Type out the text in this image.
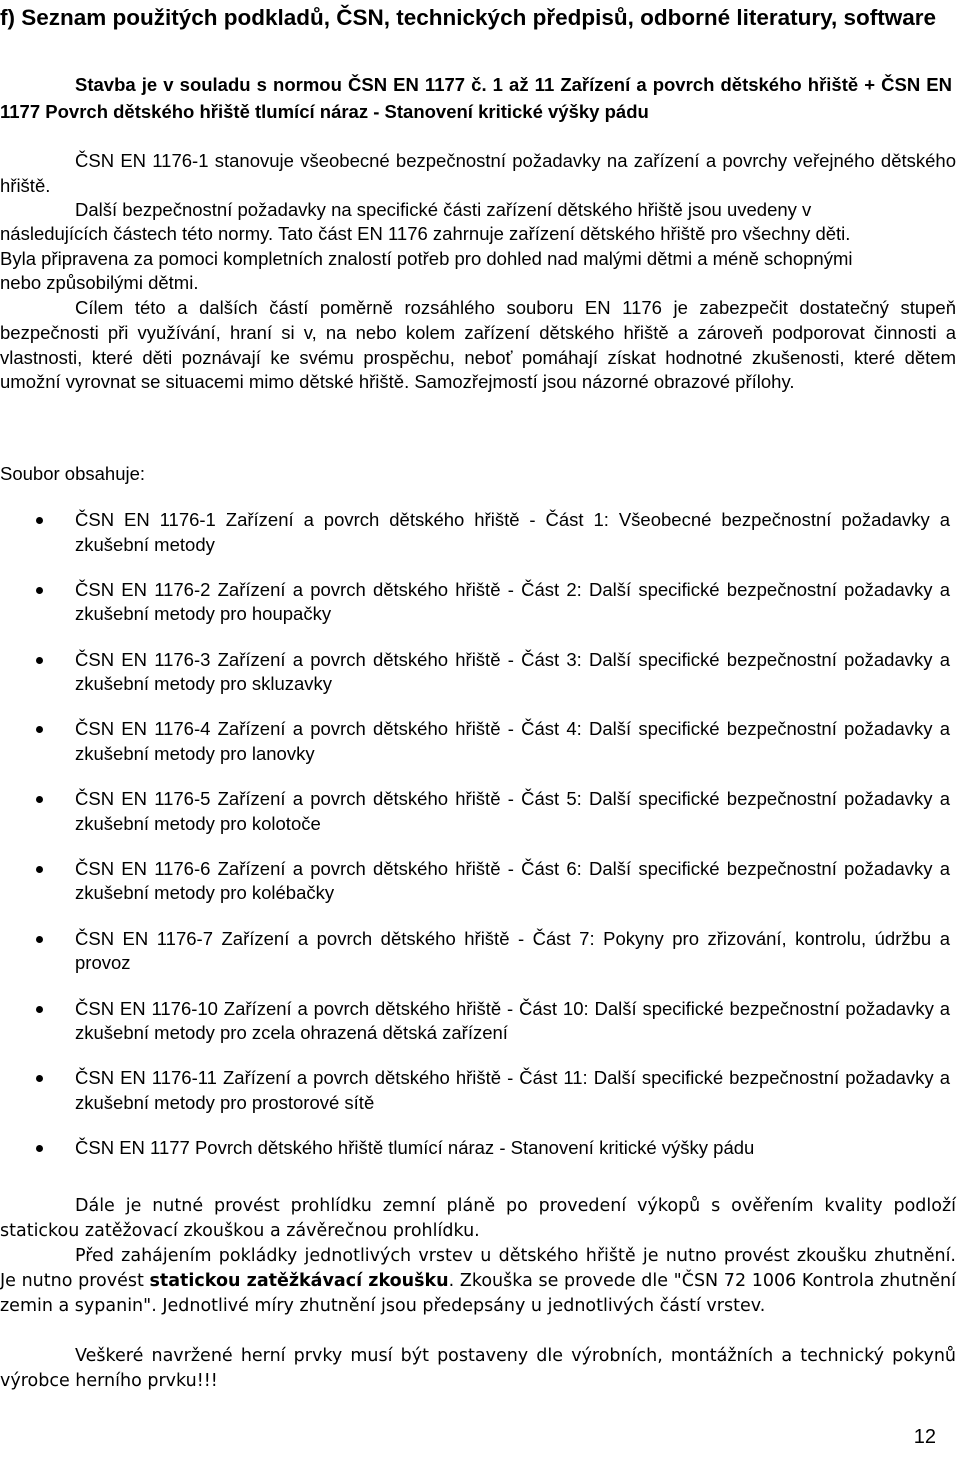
f) Seznam použitých podkladů, ČSN, technických předpisů, odborné literatury, software

Stavba je v souladu s normou ČSN EN 1177 č. 1 až 11 Zařízení a povrch dětského hřiště + ČSN EN 1177 Povrch dětského hřiště tlumící náraz - Stanovení kritické výšky pádu

ČSN EN 1176-1 stanovuje všeobecné bezpečnostní požadavky na zařízení a povrchy veřejného dětského hřiště.

Další bezpečnostní požadavky na specifické části zařízení dětského hřiště jsou uvedeny v
následujících částech této normy. Tato část EN 1176 zahrnuje zařízení dětského hřiště pro všechny děti.
Byla připravena za pomoci kompletních znalostí potřeb pro dohled nad malými dětmi a méně schopnými
nebo způsobilými dětmi.

Cílem této a dalších částí poměrně rozsáhlého souboru EN 1176 je zabezpečit dostatečný stupeň bezpečnosti při využívání, hraní si v, na nebo kolem zařízení dětského hřiště a zároveň podporovat činnosti a vlastnosti, které děti poznávají ke svému prospěchu, neboť pomáhají získat hodnotné zkušenosti, které dětem umožní vyrovnat se situacemi mimo dětské hřiště. Samozřejmostí jsou názorné obrazové přílohy.

Soubor obsahuje:
ČSN EN 1176-1 Zařízení a povrch dětského hřiště - Část 1: Všeobecné bezpečnostní požadavky a zkušební metody
ČSN EN 1176-2 Zařízení a povrch dětského hřiště - Část 2: Další specifické bezpečnostní požadavky a zkušební metody pro houpačky
ČSN EN 1176-3 Zařízení a povrch dětského hřiště - Část 3: Další specifické bezpečnostní požadavky a zkušební metody pro skluzavky
ČSN EN 1176-4 Zařízení a povrch dětského hřiště - Část 4: Další specifické bezpečnostní požadavky a zkušební metody pro lanovky
ČSN EN 1176-5 Zařízení a povrch dětského hřiště - Část 5: Další specifické bezpečnostní požadavky a zkušební metody pro kolotoče
ČSN EN 1176-6 Zařízení a povrch dětského hřiště - Část 6: Další specifické bezpečnostní požadavky a zkušební metody pro kolébačky
ČSN EN 1176-7 Zařízení a povrch dětského hřiště - Část 7: Pokyny pro zřizování, kontrolu, údržbu a provoz
ČSN EN 1176-10 Zařízení a povrch dětského hřiště - Část 10: Další specifické bezpečnostní požadavky a zkušební metody pro zcela ohrazená dětská zařízení
ČSN EN 1176-11 Zařízení a povrch dětského hřiště - Část 11: Další specifické bezpečnostní požadavky a zkušební metody pro prostorové sítě
ČSN EN 1177 Povrch dětského hřiště tlumící náraz - Stanovení kritické výšky pádu

Dále je nutné provést prohlídku zemní pláně po provedení výkopů s ověřením kvality podloží statickou zatěžovací zkouškou a závěrečnou prohlídku.

Před zahájením pokládky jednotlivých vrstev u dětského hřiště je nutno provést zkoušku zhutnění. Je nutno provést statickou zatěžkávací zkoušku. Zkouška se provede dle "ČSN 72 1006 Kontrola zhutnění zemin a sypanin". Jednotlivé míry zhutnění jsou předepsány u jednotlivých částí vrstev.

Veškeré navržené herní prvky musí být postaveny dle výrobních, montážních a technický pokynů výrobce herního prvku!!!

12
